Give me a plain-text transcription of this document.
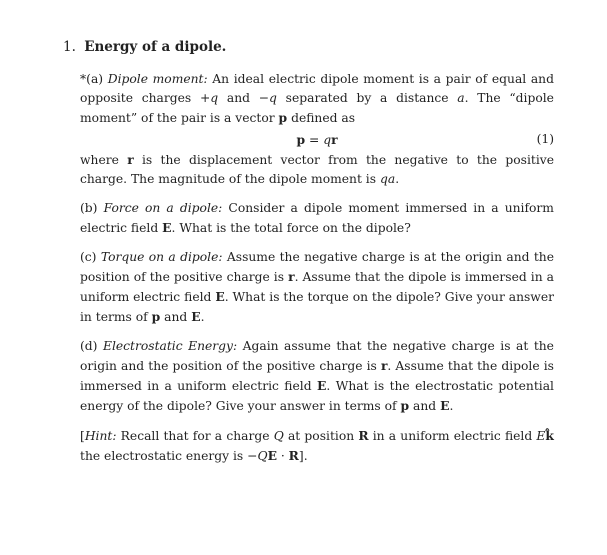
1. Energy of a dipole.

*(a) Dipole moment: An ideal electric dipole moment is a pair of equal and opposite charges +q and −q separated by a distance a. The “dipole moment” of the pair is a vector p defined as

p = qr	(1)

where r is the displacement vector from the negative to the positive charge. The magnitude of the dipole moment is qa.

(b) Force on a dipole: Consider a dipole moment immersed in a uniform electric field E. What is the total force on the dipole?

(c) Torque on a dipole: Assume the negative charge is at the origin and the position of the positive charge is r. Assume that the dipole is immersed in a uniform electric field E. What is the torque on the dipole? Give your answer in terms of p and E.

(d) Electrostatic Energy: Again assume that the negative charge is at the origin and the position of the positive charge is r. Assume that the dipole is immersed in a uniform electric field E. What is the electrostatic potential energy of the dipole? Give your answer in terms of p and E.

[Hint: Recall that for a charge Q at position R in a uniform electric field Ek̂ the electrostatic energy is −QE · R].
